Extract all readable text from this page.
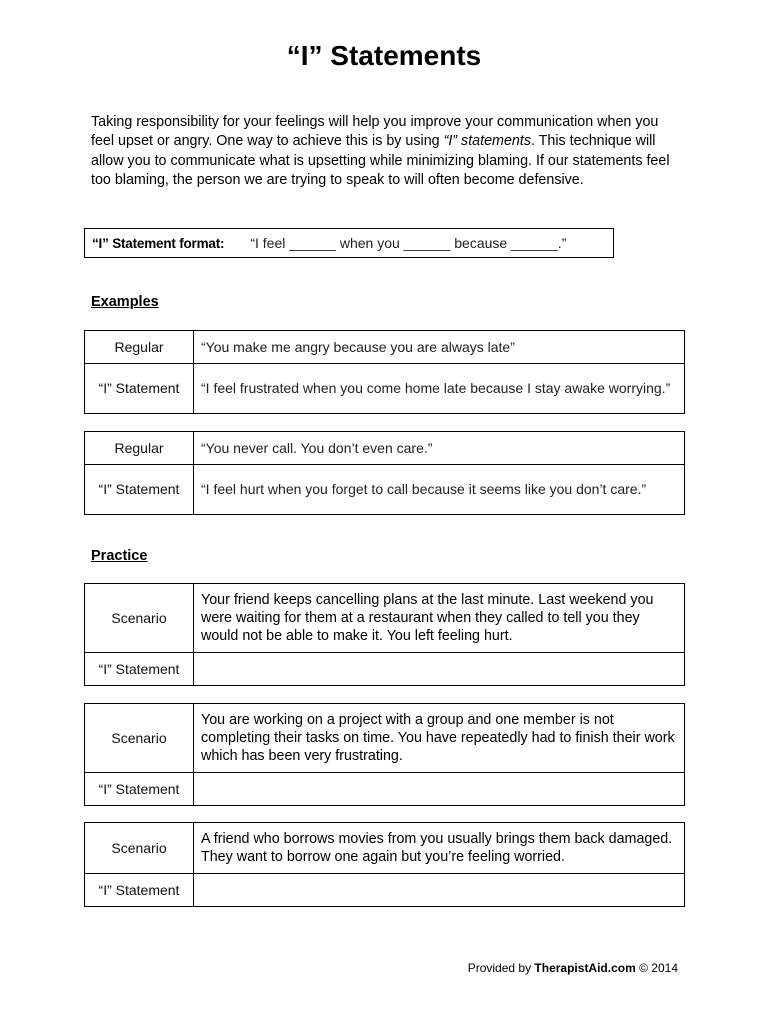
“I” Statements

Taking responsibility for your feelings will help you improve your communication when you feel upset or angry. One way to achieve this is by using “I” statements. This technique will allow you to communicate what is upsetting while minimizing blaming. If our statements feel too blaming, the person we are trying to speak to will often become defensive.

“I” Statement format: “I feel ______ when you ______ because ______.”
Examples
Regular	“You make me angry because you are always late”
“I” Statement	“I feel frustrated when you come home late because I stay awake worrying.”
Regular	“You never call. You don’t even care.”
“I” Statement	“I feel hurt when you forget to call because it seems like you don’t care.”
Practice
Scenario	Your friend keeps cancelling plans at the last minute. Last weekend you were waiting for them at a restaurant when they called to tell you they would not be able to make it. You left feeling hurt.
“I” Statement	
Scenario	You are working on a project with a group and one member is not completing their tasks on time. You have repeatedly had to finish their work which has been very frustrating.
“I” Statement	
Scenario	A friend who borrows movies from you usually brings them back damaged. They want to borrow one again but you’re feeling worried.
“I” Statement	
Provided by TherapistAid.com © 2014
